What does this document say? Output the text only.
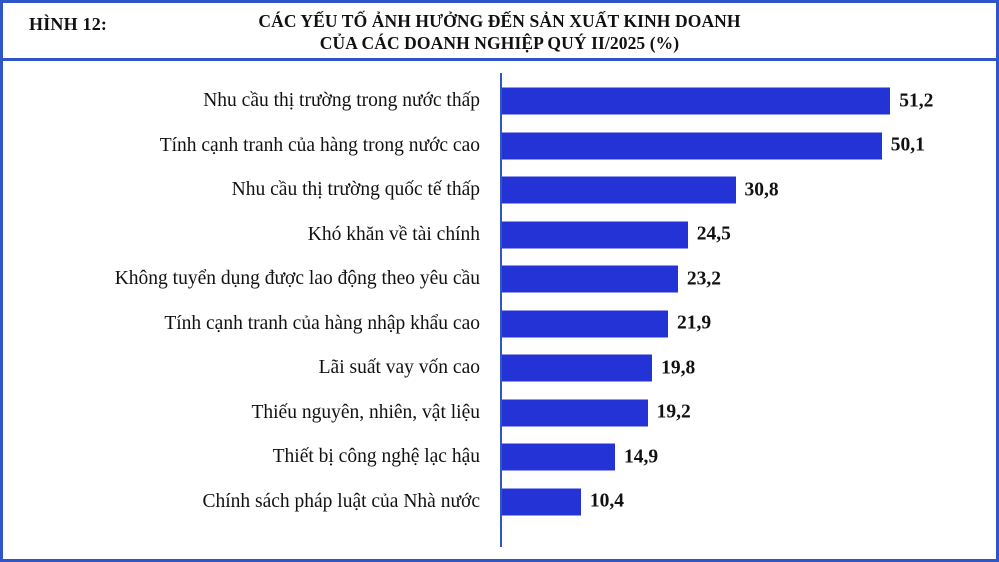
HÌNH 12:	CÁC YẾU TỐ ẢNH HƯỞNG ĐẾN SẢN XUẤT KINH DOANH
CỦA CÁC DOANH NGHIỆP QUÝ II/2025 (%)
Nhu cầu thị trường trong nước thấp	51,2
Tính cạnh tranh của hàng trong nước cao	50,1
Nhu cầu thị trường quốc tế thấp	30,8
Khó khăn về tài chính	24,5
Không tuyển dụng được lao động theo yêu cầu	23,2
Tính cạnh tranh của hàng nhập khẩu cao	21,9
Lãi suất vay vốn cao	19,8
Thiếu nguyên, nhiên, vật liệu	19,2
Thiết bị công nghệ lạc hậu	14,9
Chính sách pháp luật của Nhà nước	10,4
